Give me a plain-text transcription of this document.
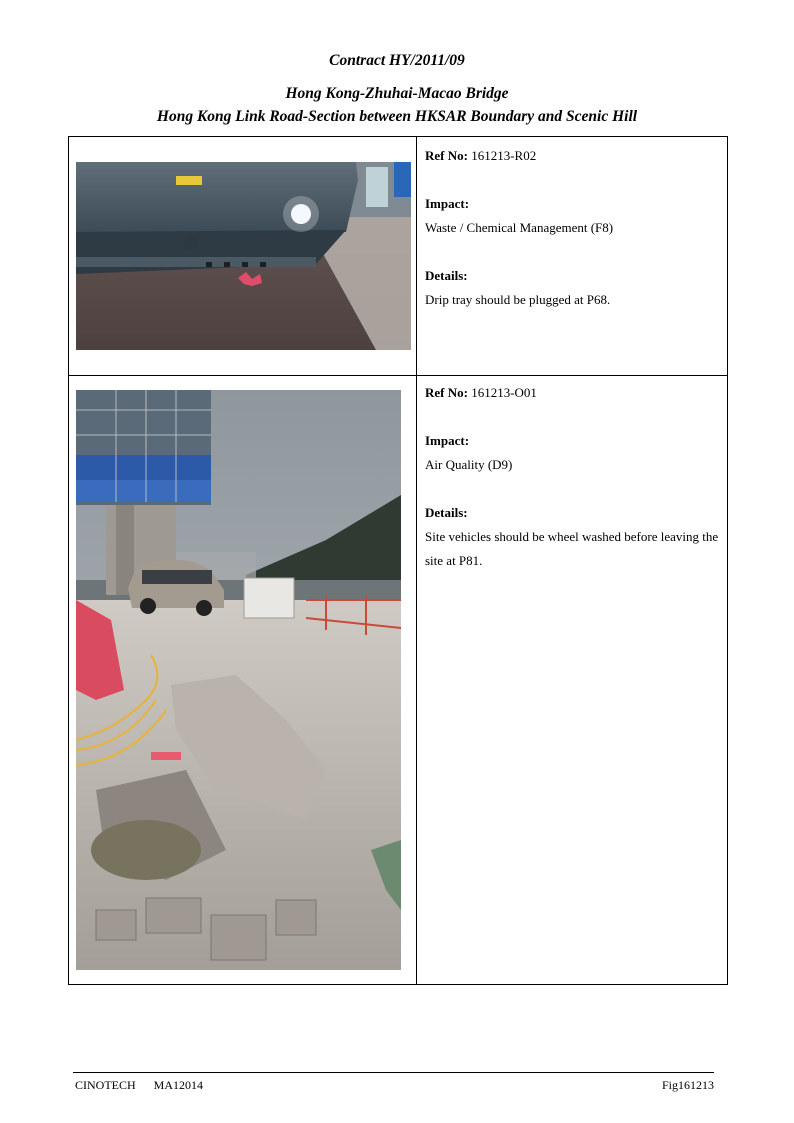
Contract HY/2011/09
Hong Kong-Zhuhai-Macao Bridge
Hong Kong Link Road-Section between HKSAR Boundary and Scenic Hill
Ref No: 161213-R02
Impact:
Waste / Chemical Management (F8)
Details:
Drip tray should be plugged at P68.
Ref No: 161213-O01
Impact:
Air Quality (D9)
Details:
Site vehicles should be wheel washed before leaving the site at P81.
CINOTECH MA12014	Fig161213
